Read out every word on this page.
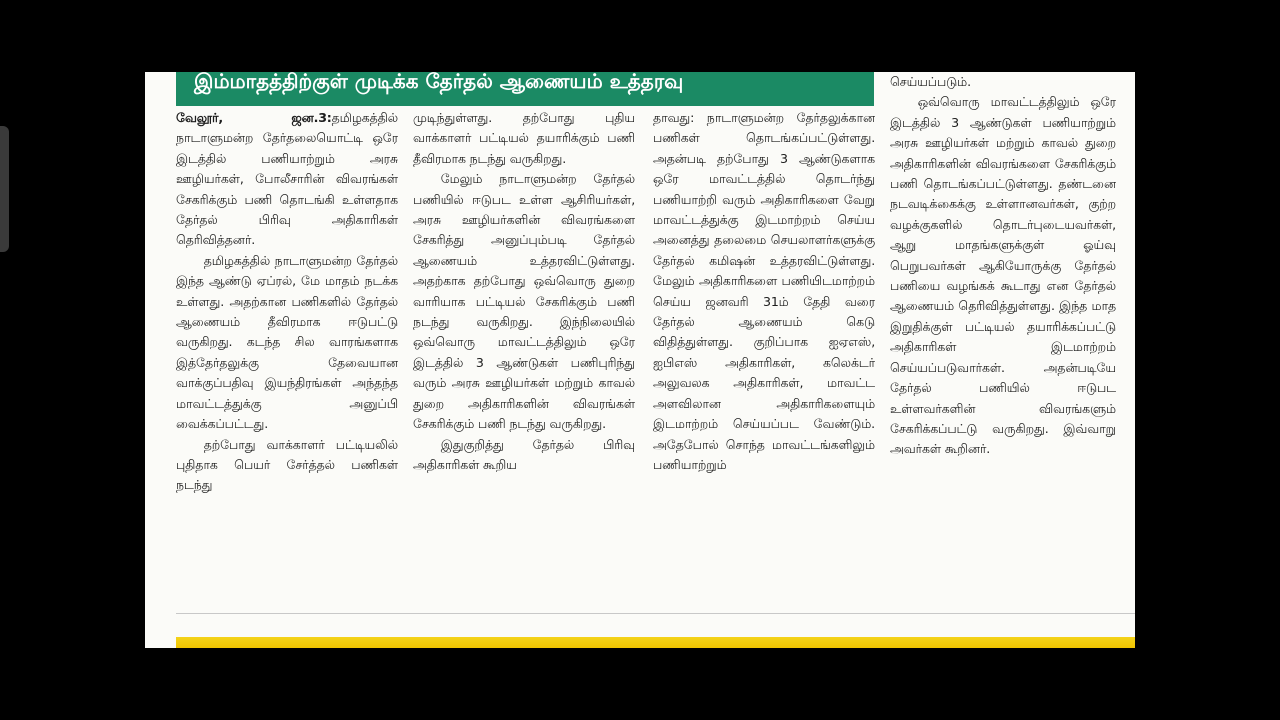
இம்மாதத்திற்குள் முடிக்க தேர்தல் ஆணையம் உத்தரவு

வேலூர், ஜன.3:தமிழகத்தில் நாடாளுமன்ற தேர்தலையொட்டி ஒரே இடத்தில் பணியாற்றும் அரசு ஊழியர்கள், போலீசாரின் விவரங்கள் சேகரிக்கும் பணி தொடங்கி உள்ளதாக தேர்தல் பிரிவு அதிகாரிகள் தெரிவித்தனர்.

தமிழகத்தில் நாடாளுமன்ற தேர்தல் இந்த ஆண்டு ஏப்ரல், மே மாதம் நடக்க உள்ளது. அதற்கான பணிகளில் தேர்தல் ஆணையம் தீவிரமாக ஈடுபட்டு வருகிறது. கடந்த சில வாரங்களாக இத்தேர்தலுக்கு தேவையான வாக்குப்பதிவு இயந்திரங்கள் அந்தந்த மாவட்டத்துக்கு அனுப்பி வைக்கப்பட்டது.

தற்போது வாக்காளர் பட்டியலில் புதிதாக பெயர் சேர்த்தல் பணிகள் நடந்து

முடிந்துள்ளது. தற்போது புதிய வாக்காளர் பட்டியல் தயாரிக்கும் பணி தீவிரமாக நடந்து வருகிறது.

மேலும் நாடாளுமன்ற தேர்தல் பணியில் ஈடுபட உள்ள ஆசிரியர்கள், அரசு ஊழியர்களின் விவரங்களை சேகரித்து அனுப்பும்படி தேர்தல் ஆணையம் உத்தரவிட்டுள்ளது. அதற்காக தற்போது ஒவ்வொரு துறை வாரியாக பட்டியல் சேகரிக்கும் பணி நடந்து வருகிறது. இந்நிலையில் ஒவ்வொரு மாவட்டத்திலும் ஒரே இடத்தில் 3 ஆண்டுகள் பணிபுரிந்து வரும் அரசு ஊழியர்கள் மற்றும் காவல் துறை அதிகாரிகளின் விவரங்கள் சேகரிக்கும் பணி நடந்து வருகிறது.

இதுகுறித்து தேர்தல் பிரிவு அதிகாரிகள் கூறிய

தாவது: நாடாளுமன்ற தேர்தலுக்கான பணிகள் தொடங்கப்பட்டுள்ளது. அதன்படி தற்போது 3 ஆண்டுகளாக ஒரே மாவட்டத்தில் தொடர்ந்து பணியாற்றி வரும் அதிகாரிகளை வேறு மாவட்டத்துக்கு இடமாற்றம் செய்ய அனைத்து தலைமை செயலாளர்களுக்கு தேர்தல் கமிஷன் உத்தரவிட்டுள்ளது. மேலும் அதிகாரிகளை பணியிடமாற்றம் செய்ய ஜனவரி 31ம் தேதி வரை தேர்தல் ஆணையம் கெடு விதித்துள்ளது. குறிப்பாக ஐஏஎஸ், ஐபிஎஸ் அதிகாரிகள், கலெக்டர் அலுவலக அதிகாரிகள், மாவட்ட அளவிலான அதிகாரிகளையும் இடமாற்றம் செய்யப்பட வேண்டும். அதேபோல் சொந்த மாவட்டங்களிலும் பணியாற்றும்

செய்யப்படும்.

ஒவ்வொரு மாவட்டத்திலும் ஒரே இடத்தில் 3 ஆண்டுகள் பணியாற்றும் அரசு ஊழியர்கள் மற்றும் காவல் துறை அதிகாரிகளின் விவரங்களை சேகரிக்கும் பணி தொடங்கப்பட்டுள்ளது. தண்டனை நடவடிக்கைக்கு உள்ளானவர்கள், குற்ற வழக்குகளில் தொடர்புடையவர்கள், ஆறு மாதங்களுக்குள் ஓய்வு பெறுபவர்கள் ஆகியோருக்கு தேர்தல் பணியை வழங்கக் கூடாது என தேர்தல் ஆணையம் தெரிவித்துள்ளது. இந்த மாத இறுதிக்குள் பட்டியல் தயாரிக்கப்பட்டு அதிகாரிகள் இடமாற்றம் செய்யப்படுவார்கள். அதன்படியே தேர்தல் பணியில் ஈடுபட உள்ளவர்களின் விவரங்களும் சேகரிக்கப்பட்டு வருகிறது. இவ்வாறு அவர்கள் கூறினர்.
